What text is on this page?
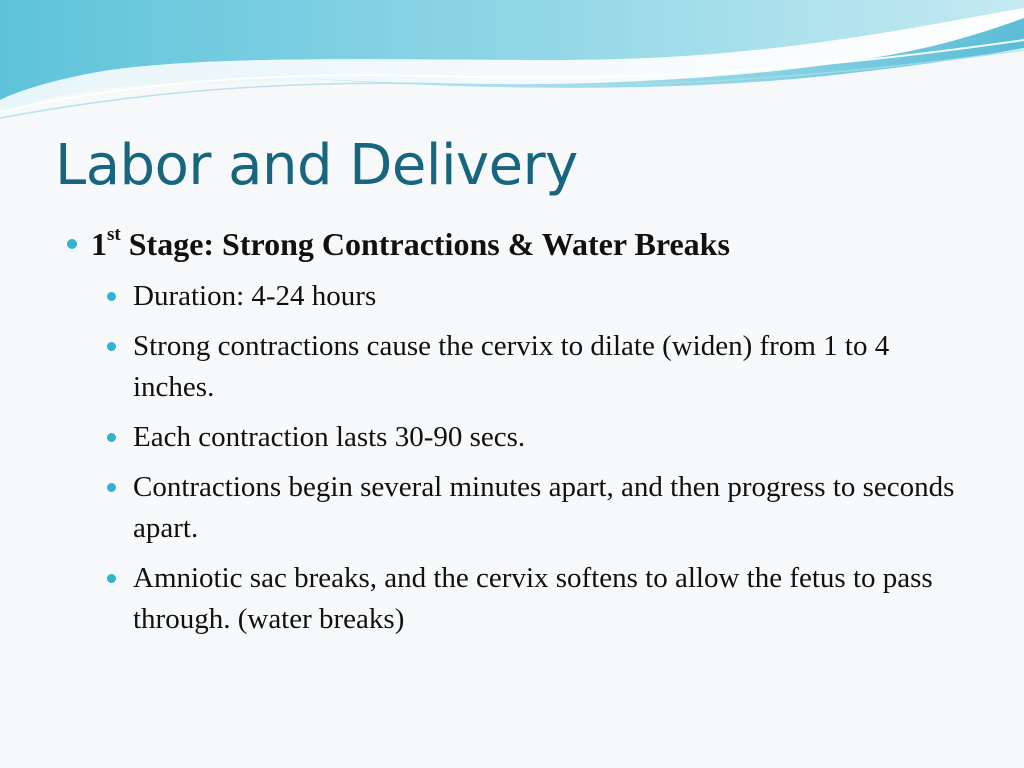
Labor and Delivery
1st Stage: Strong Contractions & Water Breaks
Duration: 4-24 hours
Strong contractions cause the cervix to dilate (widen) from 1 to 4 inches.
Each contraction lasts 30-90 secs.
Contractions begin several minutes apart, and then progress to seconds apart.
Amniotic sac breaks, and the cervix softens to allow the fetus to pass through. (water breaks)
